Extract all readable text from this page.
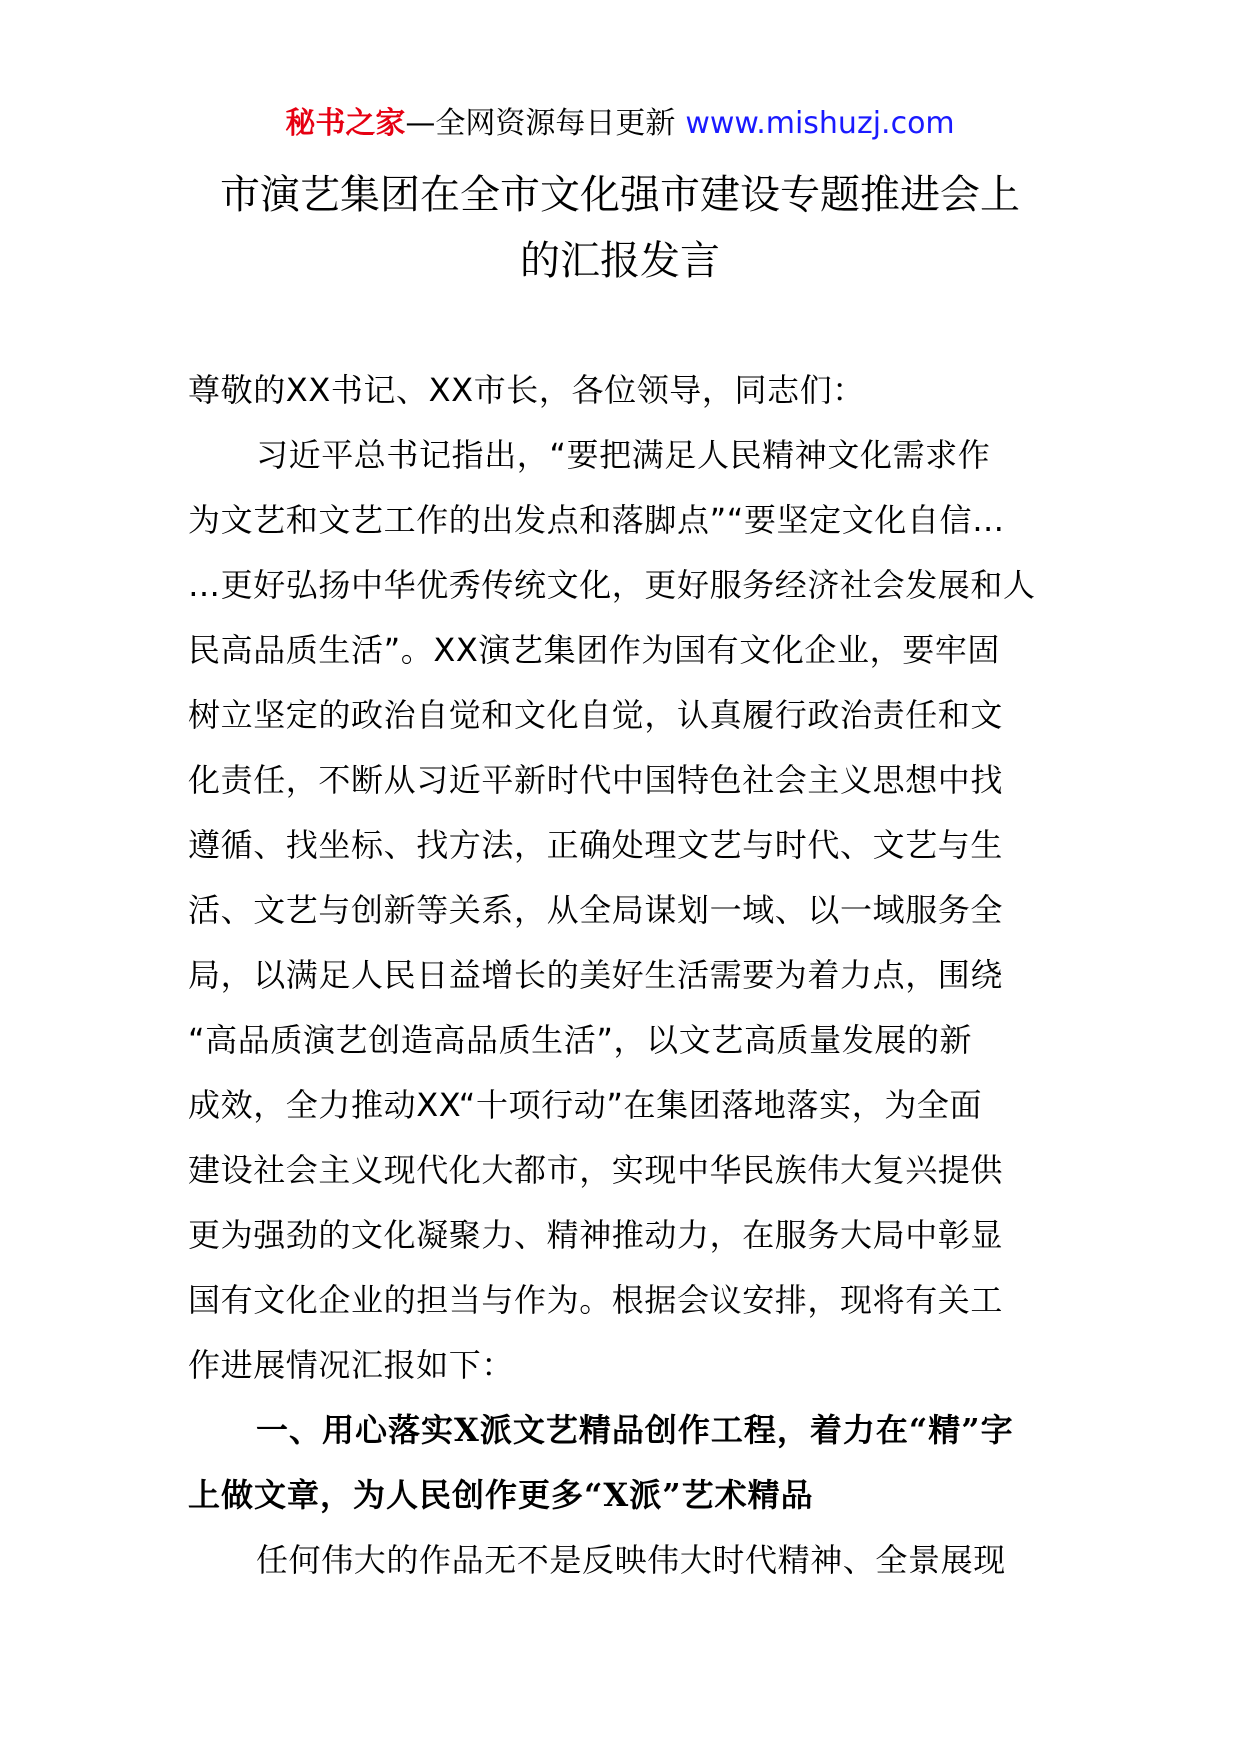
秘书之家—全网资源每日更新 www.mishuzj.com
市演艺集团在全市文化强市建设专题推进会上
的汇报发言
尊敬的XX书记、XX市长，各位领导，同志们：
习近平总书记指出，“要把满足人民精神文化需求作
为文艺和文艺工作的出发点和落脚点”“要坚定文化自信…
…更好弘扬中华优秀传统文化，更好服务经济社会发展和人
民高品质生活”。XX演艺集团作为国有文化企业，要牢固
树立坚定的政治自觉和文化自觉，认真履行政治责任和文
化责任，不断从习近平新时代中国特色社会主义思想中找
遵循、找坐标、找方法，正确处理文艺与时代、文艺与生
活、文艺与创新等关系，从全局谋划一域、以一域服务全
局，以满足人民日益增长的美好生活需要为着力点，围绕
“高品质演艺创造高品质生活”，以文艺高质量发展的新
成效，全力推动XX“十项行动”在集团落地落实，为全面
建设社会主义现代化大都市，实现中华民族伟大复兴提供
更为强劲的文化凝聚力、精神推动力，在服务大局中彰显
国有文化企业的担当与作为。根据会议安排，现将有关工
作进展情况汇报如下：
一、用心落实X派文艺精品创作工程，着力在“精”字
上做文章，为人民创作更多“X派”艺术精品
任何伟大的作品无不是反映伟大时代精神、全景展现
